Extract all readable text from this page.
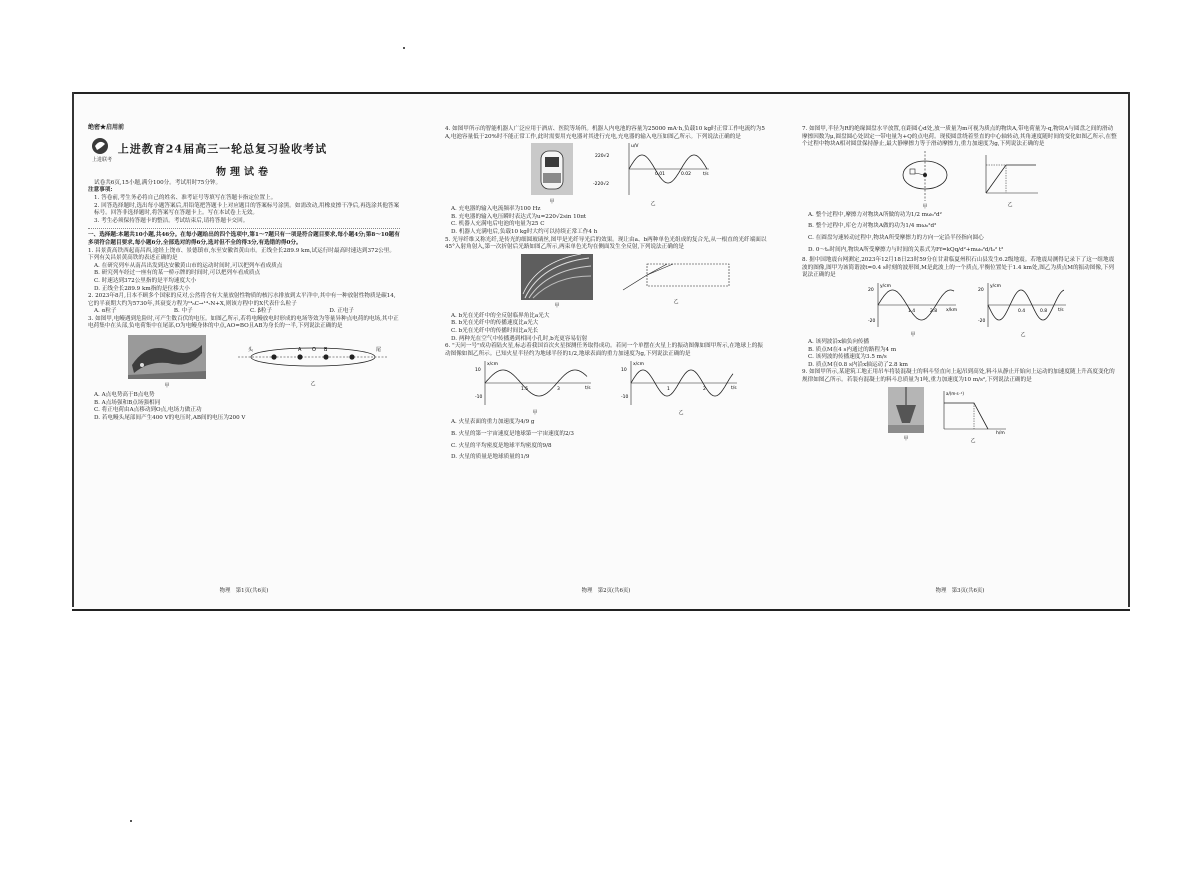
绝密★启用前
上进联考
上进教育24届高三一轮总复习验收考试
物理试卷
试卷共6页,15小题,满分100分。考试用时75分钟。
注意事项:
1. 答卷前,考生务必将自己的姓名、准考证号等填写在答题卡指定位置上。
2. 回答选择题时,选出每小题答案后,用铅笔把答题卡上对应题目的答案标号涂黑。如需改动,用橡皮擦干净后,再选涂其他答案标号。回答非选择题时,将答案写在答题卡上。写在本试卷上无效。
3. 考生必须保持答题卡的整洁。考试结束后,请将答题卡交回。
一、选择题:本题共10小题,共46分。在每小题给出的四个选项中,第1～7题只有一项是符合题目要求,每小题4分;第8～10题有多项符合题目要求,每小题6分,全部选对的得6分,选对但不全的得3分,有选错的得0分。
1. 昌景黄高铁西起南昌西,途经上饶市、景德镇市,东至安徽省黄山市。正线全长289.9 km,试运行时最高时速达到372公里。下列有关昌景黄高铁的表述正确的是
A. 在研究列车从南昌出发到达安徽黄山市的运动时间时,可以把列车看成质点
B. 研究列车经过一座有的某一桥示牌的时间时,可以把列车看成质点
C. 时速达到372公里指的是平均速度大小
D. 正线全长289.9 km指的是位移大小
2. 2023年8月,日本不顾多个国家的反对,公然将含有大量放射性物质的核污水排放到太平洋中,其中有一种放射性物质是碳14,它的半衰期大约为5730年,其衰变方程为¹⁴₆C→¹⁴₇N+X,则该方程中的X代表什么粒子
A. α粒子	B. 中子	C. β粒子	D. 正电子
3. 如图甲,电鳗遇到危险时,可产生数百伏的电压。如图乙所示,若将电鳗放电时形成的电场等效为等量异种点电荷的电场,其中正电荷集中在头部,负电荷集中在尾部,O为电鳗身体的中点,AO=BO且AB为身长的一半,下列说法正确的是
甲
头	A O B	尾
乙
A. A点电势高于B点电势
B. A点场强和B点场强相同
C. 将正电荷由A点移动到O点,电场力做正功
D. 若电鳗头尾部间产生400 V的电压时,AB间的电压为200 V
物理　第1页(共6页)
4. 如图甲所示的智能机器人广泛应用于酒店、医院等场所。机器人内电池的容量为25000 mA·h,负载10 kg时正常工作电流约为5 A,电池容量低于20%时不能正常工作,此时需要用充电器对其进行充电,充电器的输入电压如图乙所示。下列说法正确的是
甲
u/V
t/s
220√2
-220√2
0.01	0.02
乙
A. 充电器的输入电流频率为100 Hz
B. 充电器的输入电压瞬时表达式为u=220√2sin 10πt
C. 机器人充满电后电池的电量为25 C
D. 机器人充满电后,负载10 kg时大约可以持续正常工作4 h
5. 光导纤维又称光纤,是传光的细圆玻璃丝,图甲是光纤导光后的效果。现让由a、b两种单色光组成的复合光,从一根直的光纤端面以45°入射角射入,第一次折射后光路如图乙所示,两束单色光均在侧面发生全反射,下列说法正确的是
甲
乙
A. b光在光纤中的全反射临界角比a光大
B. b光在光纤中的传播速度比a光大
C. b光在光纤中的传播时间比a光长
D. 两种光在空气中传播遇到相同小孔时,b光更容易衍射
6. "天问一号"成功着陆火星,标志着我国首次火星探测任务取得成功。若同一个单摆在火星上的振动图像如图甲所示,在地球上的振动图像如图乙所示。已知火星半径约为地球半径的1/2,地球表面的重力加速度为g,下列说法正确的是
x/cm
t/s
10
-10
1.5	3
甲
x/cm
t/s
10
-10
1	2
乙
A. 火星表面的重力加速度为4/9 g
B. 火星的第一宇宙速度是地球第一宇宙速度的2/3
C. 火星的平均密度是地球平均密度的9/8
D. 火星的质量是地球质量的1/9
物理　第2页(共6页)
7. 如图甲,半径为R的绝缘圆盘水平放置,在距圆心d处,放一质量为m可视为质点的物块A,带电荷量为-q,物块A与圆盘之间的滑动摩擦因数为μ,圆盘圆心处固定一带电量为+Q的点电荷。现使圆盘绕着竖直的中心轴转动,其角速度随时间的变化如图乙所示,在整个过程中物块A相对圆盘保持静止,最大静摩擦力等于滑动摩擦力,重力加速度为g,下列说法正确的是
甲	乙
A. 整个过程中,摩擦力对物块A所做的功为1/2 mω₀²d²
B. 整个过程中,库仑力对物块A做的功为1/4 mω₀²d²
C. 在圆盘匀速转动过程中,物块A所受摩擦力的方向一定沿半径指向圆心
D. 0～t₀时间内,物块A所受摩擦力与时间的关系式为Ff=kQq/d²+mω₀²d/t₀² t²
8. 据中国地震台网测定,2023年12月18日23时59分在甘肃临夏州积石山县发生6.2级地震。若地震局测得记录下了这一组地震波的图像,图甲为该简谐波t=0.4 s时刻的波形图,M是此波上的一个质点,平衡位置处于1.4 km处,图乙为质点M的振动图像,下列说法正确的是
y/cm
x/km
20
-20
1.4	2.8
甲
y/cm
t/s
20
-20
0.4	0.8
乙
A. 该列波沿x轴负向传播
B. 质点M在4 s内通过的路程为4 m
C. 该列波的传播速度为3.5 m/s
D. 质点M在0.8 s内沿x轴运动了2.8 km
9. 如图甲所示,某建筑工地正用吊车将装混凝土的料斗竖直向上起吊到高处,料斗从静止开始向上运动的加速度随上升高度变化的规律如图乙所示。若装有混凝土的料斗总质量为1吨,重力加速度为10 m/s²,下列说法正确的是
甲
a/(m·s⁻²)
h/m
乙
物理　第3页(共6页)
